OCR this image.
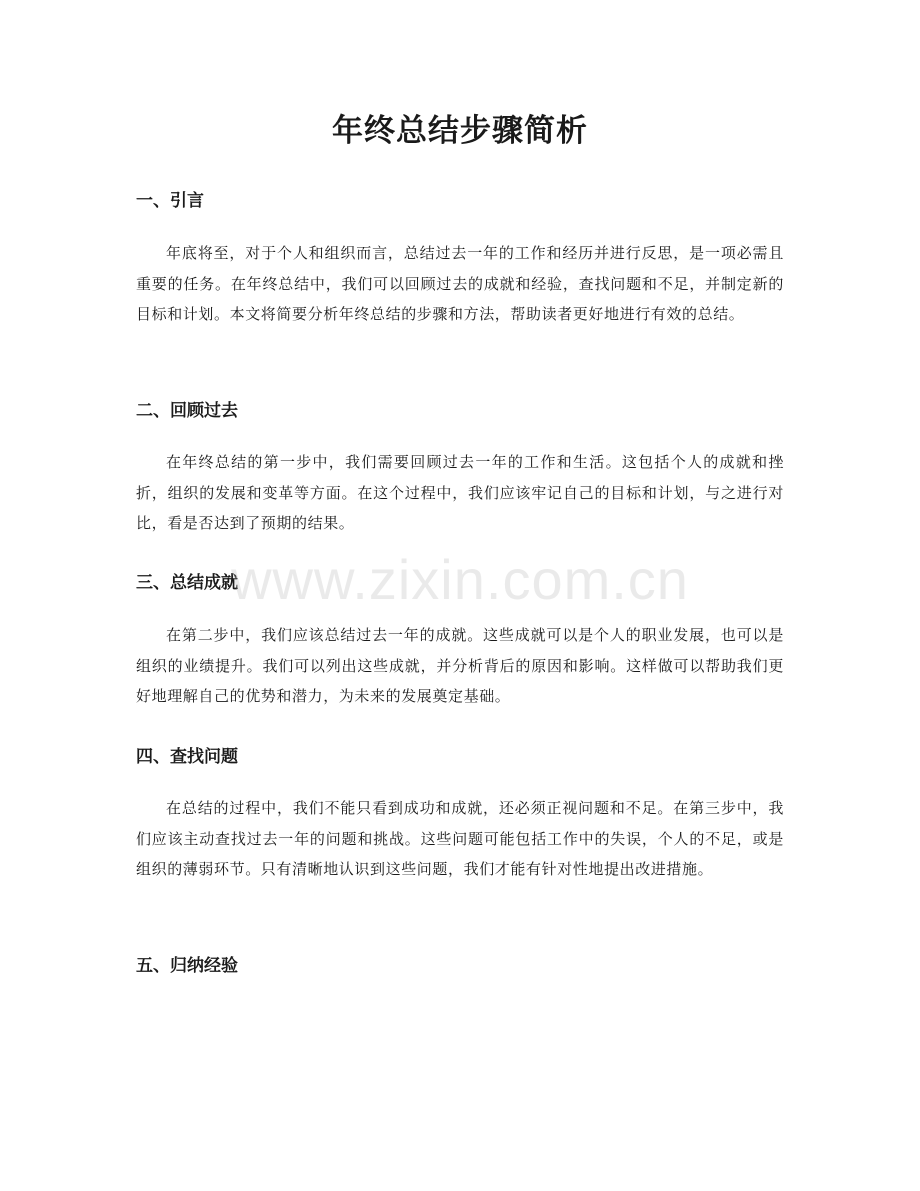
年终总结步骤简析
一、引言

年底将至，对于个人和组织而言，总结过去一年的工作和经历并进行反思，是一项必需且重要的任务。在年终总结中，我们可以回顾过去的成就和经验，查找问题和不足，并制定新的目标和计划。本文将简要分析年终总结的步骤和方法，帮助读者更好地进行有效的总结。

二、回顾过去

在年终总结的第一步中，我们需要回顾过去一年的工作和生活。这包括个人的成就和挫折，组织的发展和变革等方面。在这个过程中，我们应该牢记自己的目标和计划，与之进行对比，看是否达到了预期的结果。

三、总结成就

在第二步中，我们应该总结过去一年的成就。这些成就可以是个人的职业发展，也可以是组织的业绩提升。我们可以列出这些成就，并分析背后的原因和影响。这样做可以帮助我们更好地理解自己的优势和潜力，为未来的发展奠定基础。

四、查找问题

在总结的过程中，我们不能只看到成功和成就，还必须正视问题和不足。在第三步中，我们应该主动查找过去一年的问题和挑战。这些问题可能包括工作中的失误，个人的不足，或是组织的薄弱环节。只有清晰地认识到这些问题，我们才能有针对性地提出改进措施。

五、归纳经验
www.zixin.com.cn
